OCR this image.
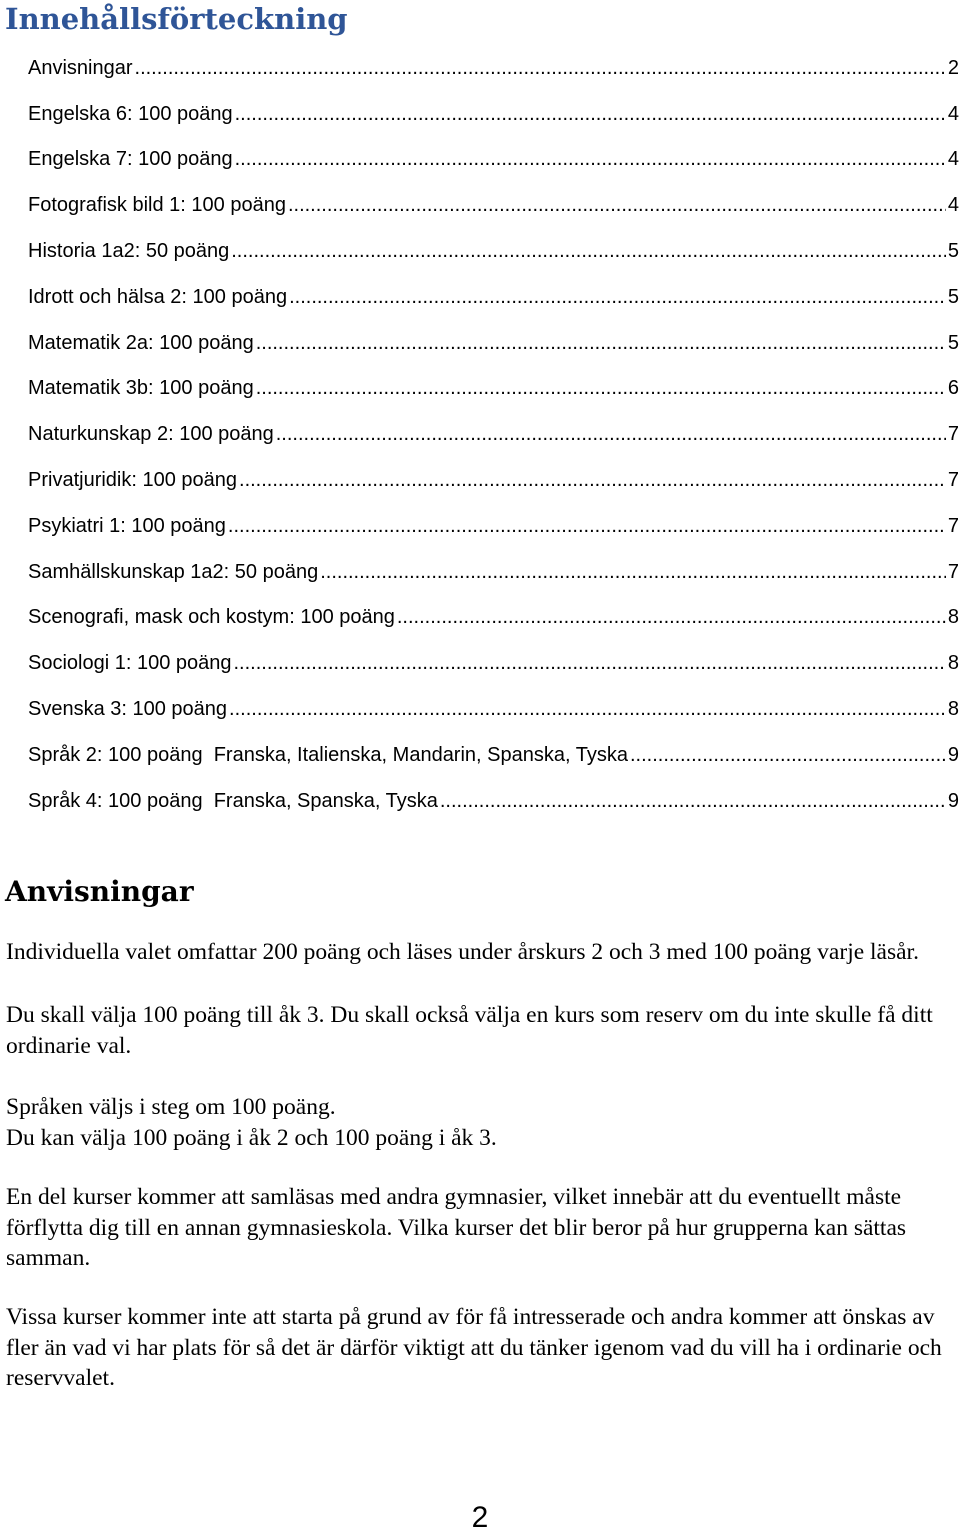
Innehållsförteckning
Anvisningar .....	2
Engelska 6: 100 poäng .....	4
Engelska 7: 100 poäng .....	4
Fotografisk bild 1: 100 poäng .....	4
Historia 1a2: 50 poäng .....	5
Idrott och hälsa 2: 100 poäng .....	5
Matematik 2a: 100 poäng .....	5
Matematik 3b: 100 poäng .....	6
Naturkunskap 2: 100 poäng .....	7
Privatjuridik: 100 poäng .....	7
Psykiatri 1: 100 poäng .....	7
Samhällskunskap 1a2: 50 poäng .....	7
Scenografi, mask och kostym: 100 poäng .....	8
Sociologi 1: 100 poäng .....	8
Svenska 3: 100 poäng .....	8
Språk 2: 100 poäng  Franska, Italienska, Mandarin, Spanska, Tyska .....	9
Språk 4: 100 poäng  Franska, Spanska, Tyska .....	9
Anvisningar

Individuella valet omfattar 200 poäng och läses under årskurs 2 och 3 med 100 poäng varje läsår.

Du skall välja 100 poäng till åk 3. Du skall också välja en kurs som reserv om du inte skulle få ditt ordinarie val.

Språken väljs i steg om 100 poäng.

Du kan välja 100 poäng i åk 2 och 100 poäng i åk 3.

En del kurser kommer att samläsas med andra gymnasier, vilket innebär att du eventuellt måste förflytta dig till en annan gymnasieskola. Vilka kurser det blir beror på hur grupperna kan sättas samman.

Vissa kurser kommer inte att starta på grund av för få intresserade och andra kommer att önskas av fler än vad vi har plats för så det är därför viktigt att du tänker igenom vad du vill ha i ordinarie och reservvalet.

2
